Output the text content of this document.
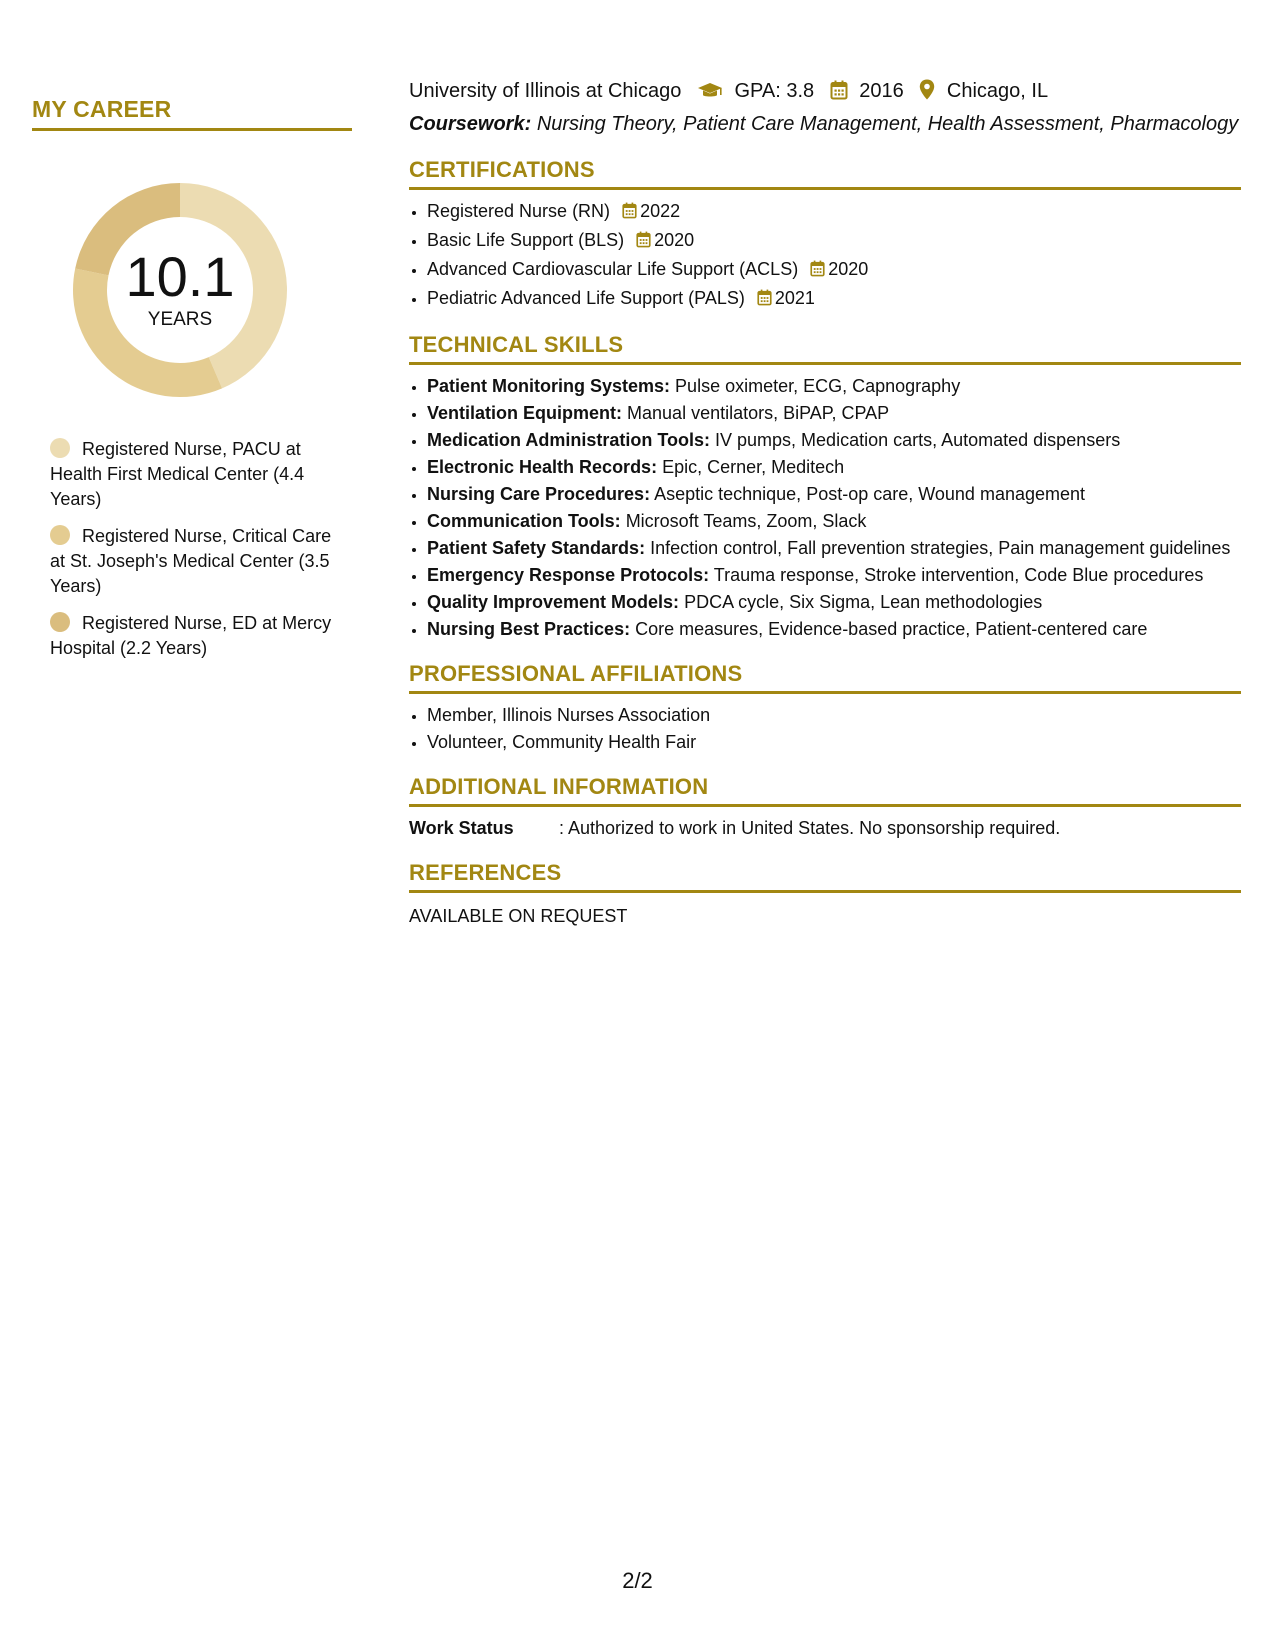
MY CAREER
10.1
YEARS
Registered Nurse, PACU at Health First Medical Center (4.4 Years)
Registered Nurse, Critical Care at St. Joseph's Medical Center (3.5 Years)
Registered Nurse, ED at Mercy Hospital (2.2 Years)
University of Illinois at Chicago	GPA: 3.8 2016 Chicago, IL
Coursework: Nursing Theory, Patient Care Management, Health Assessment, Pharmacology
CERTIFICATIONS
• Registered Nurse (RN) 2022
• Basic Life Support (BLS) 2020
• Advanced Cardiovascular Life Support (ACLS) 2020
• Pediatric Advanced Life Support (PALS) 2021
TECHNICAL SKILLS
• Patient Monitoring Systems: Pulse oximeter, ECG, Capnography
• Ventilation Equipment: Manual ventilators, BiPAP, CPAP
• Medication Administration Tools: IV pumps, Medication carts, Automated dispensers
• Electronic Health Records: Epic, Cerner, Meditech
• Nursing Care Procedures: Aseptic technique, Post-op care, Wound management
• Communication Tools: Microsoft Teams, Zoom, Slack
• Patient Safety Standards: Infection control, Fall prevention strategies, Pain management guidelines
• Emergency Response Protocols: Trauma response, Stroke intervention, Code Blue procedures
• Quality Improvement Models: PDCA cycle, Six Sigma, Lean methodologies
• Nursing Best Practices: Core measures, Evidence-based practice, Patient-centered care
PROFESSIONAL AFFILIATIONS
• Member, Illinois Nurses Association
• Volunteer, Community Health Fair
ADDITIONAL INFORMATION
Work Status	: Authorized to work in United States. No sponsorship required.
REFERENCES
AVAILABLE ON REQUEST
2/2
